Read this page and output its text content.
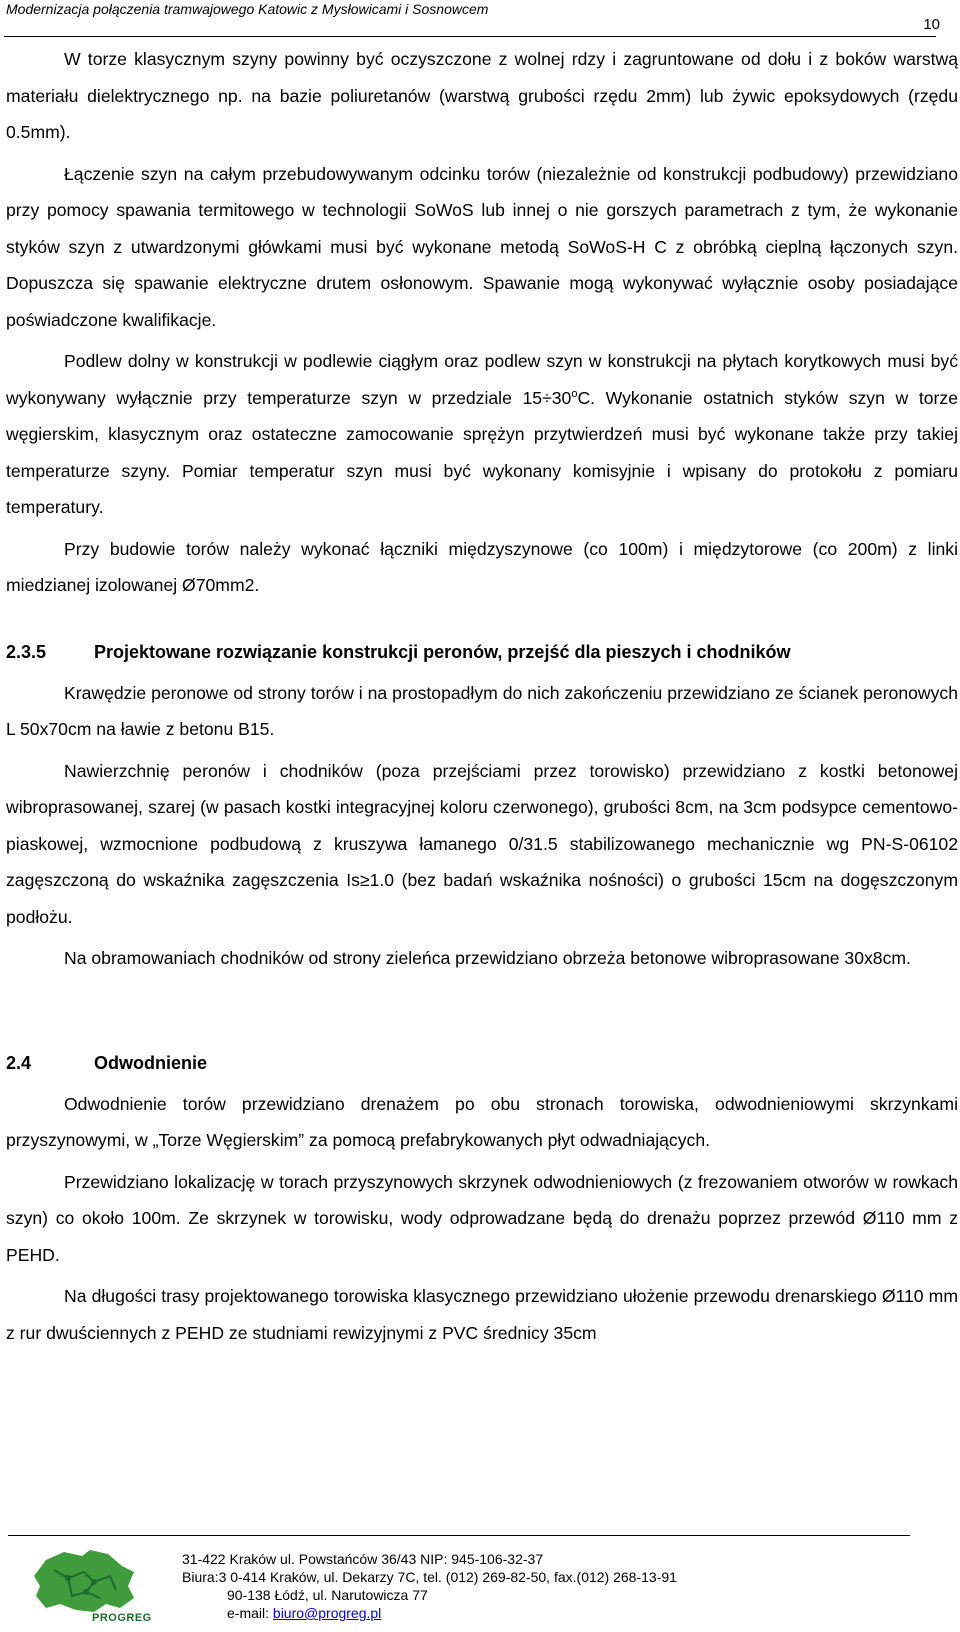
Modernizacja połączenia tramwajowego Katowic z Mysłowicami i Sosnowcem
10

W torze klasycznym szyny powinny być oczyszczone z wolnej rdzy i zagruntowane od dołu i z boków warstwą materiału dielektrycznego np. na bazie poliuretanów (warstwą grubości rzędu 2mm) lub żywic epoksydowych (rzędu 0.5mm).

Łączenie szyn na całym przebudowywanym odcinku torów (niezależnie od konstrukcji podbudowy) przewidziano przy pomocy spawania termitowego w technologii SoWoS lub innej o nie gorszych parametrach z tym, że wykonanie styków szyn z utwardzonymi główkami musi być wykonane metodą SoWoS-H C z obróbką cieplną łączonych szyn. Dopuszcza się spawanie elektryczne drutem osłonowym. Spawanie mogą wykonywać wyłącznie osoby posiadające poświadczone kwalifikacje.

Podlew dolny w konstrukcji w podlewie ciągłym oraz podlew szyn w konstrukcji na płytach korytkowych musi być wykonywany wyłącznie przy temperaturze szyn w przedziale $15\div 30^oC$. Wykonanie ostatnich styków szyn w torze węgierskim, klasycznym oraz ostateczne zamocowanie sprężyn przytwierdzeń musi być wykonane także przy takiej temperaturze szyny. Pomiar temperatur szyn musi być wykonany komisyjnie i wpisany do protokołu z pomiaru temperatury.

Przy budowie torów należy wykonać łączniki międzyszynowe (co 100m) i międzytorowe (co 200m) z linki miedzianej izolowanej Ø70mm2.

2.3.5	Projektowane rozwiązanie konstrukcji peronów, przejść dla pieszych i chodników

Krawędzie peronowe od strony torów i na prostopadłym do nich zakończeniu przewidziano ze ścianek peronowych L 50x70cm na ławie z betonu B15.

Nawierzchnię peronów i chodników (poza przejściami przez torowisko) przewidziano z kostki betonowej wibroprasowanej, szarej (w pasach kostki integracyjnej koloru czerwonego), grubości 8cm, na 3cm podsypce cementowo-piaskowej, wzmocnione podbudową z kruszywa łamanego 0/31.5 stabilizowanego mechanicznie wg PN-S-06102 zagęszczoną do wskaźnika zagęszczenia Is≥1.0 (bez badań wskaźnika nośności) o grubości 15cm na dogęszczonym podłożu.

Na obramowaniach chodników od strony zieleńca przewidziano obrzeża betonowe wibroprasowane 30x8cm.

2.4	Odwodnienie

Odwodnienie torów przewidziano drenażem po obu stronach torowiska, odwodnieniowymi skrzynkami przyszynowymi, w „Torze Węgierskim” za pomocą prefabrykowanych płyt odwadniających.

Przewidziano lokalizację w torach przyszynowych skrzynek odwodnieniowych (z frezowaniem otworów w rowkach szyn) co około 100m. Ze skrzynek w torowisku, wody odprowadzane będą do drenażu poprzez przewód Ø110 mm z PEHD.

Na długości trasy projektowanego torowiska klasycznego przewidziano ułożenie przewodu drenarskiego Ø110 mm z rur dwuściennych z PEHD ze studniami rewizyjnymi z PVC średnicy 35cm

PROGREG
31-422 Kraków ul. Powstańców 36/43 NIP: 945-106-32-37
Biura:3 0-414 Kraków, ul. Dekarzy 7C, tel. (012) 269-82-50, fax.(012) 268-13-91
90-138 Łódź, ul. Narutowicza 77
e-mail: biuro@progreg.pl
